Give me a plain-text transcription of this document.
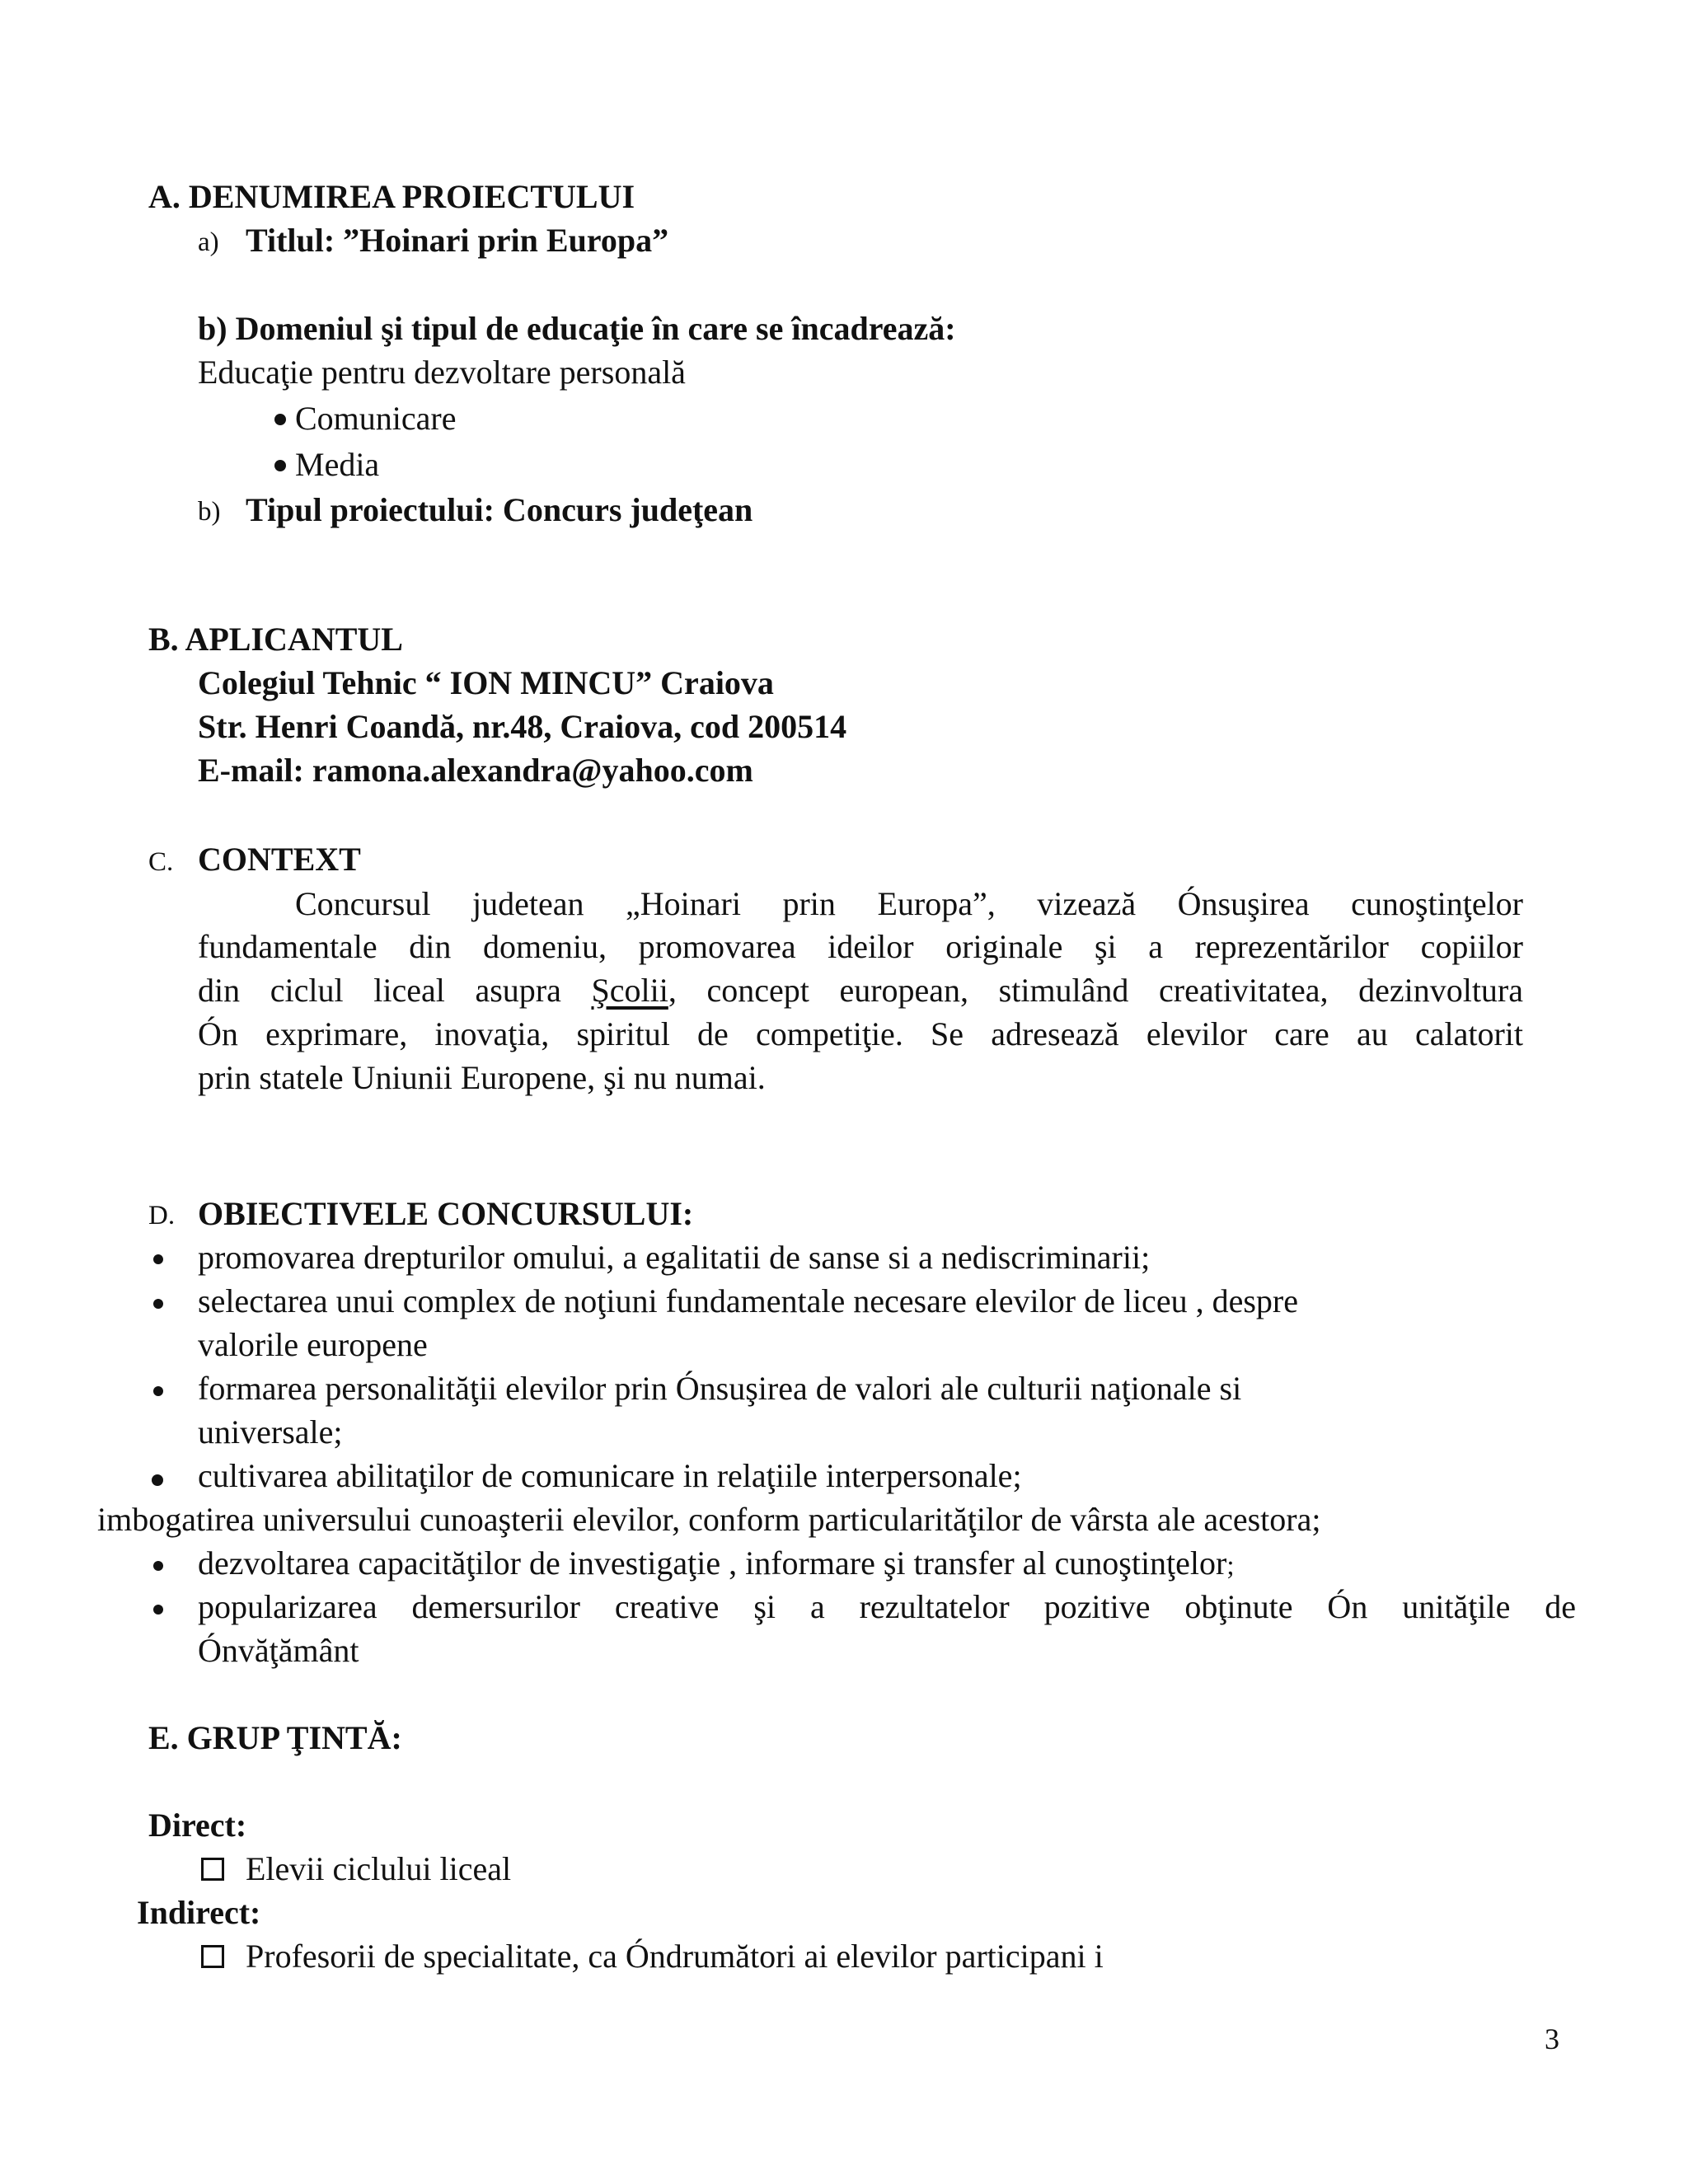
A. DENUMIREA PROIECTULUI
a) Titlul: ”Hoinari prin Europa”
b) Domeniul şi tipul de educaţie în care se încadrează:
Educaţie pentru dezvoltare personală
Comunicare
Media
b) Tipul proiectului: Concurs judeţean
B. APLICANTUL
Colegiul Tehnic “ ION MINCU” Craiova
Str. Henri Coandă, nr.48, Craiova, cod 200514
E-mail: ramona.alexandra@yahoo.com
C. CONTEXT
Concursul judetean „Hoinari prin Europa”, vizează Ónsuşirea cunoştinţelor
fundamentale din domeniu, promovarea ideilor originale şi a reprezentărilor copiilor
din ciclul liceal asupra Şcolii, concept european, stimulând creativitatea, dezinvoltura
Ón exprimare, inovaţia, spiritul de competiţie. Se adresează elevilor care au calatorit
prin statele Uniunii Europene, şi nu numai.
D. OBIECTIVELE CONCURSULUI:
promovarea drepturilor omului, a egalitatii de sanse si a nediscriminarii;
selectarea unui complex de noţiuni fundamentale necesare elevilor de liceu , despre
valorile europene
formarea personalităţii elevilor prin Ónsuşirea de valori ale culturii naţionale si
universale;
cultivarea abilitaţilor de comunicare in relaţiile interpersonale;
imbogatirea universului cunoaşterii elevilor, conform particularităţilor de vârsta ale acestora;
dezvoltarea capacităţilor de investigaţie , informare şi transfer al cunoştinţelor;
popularizarea demersurilor creative şi a rezultatelor pozitive obţinute Ón unităţile de
Ónvăţământ
E. GRUP ŢINTĂ:
Direct:
Elevii ciclului liceal
Indirect:
Profesorii de specialitate, ca Óndrumători ai elevilor participani i
3
